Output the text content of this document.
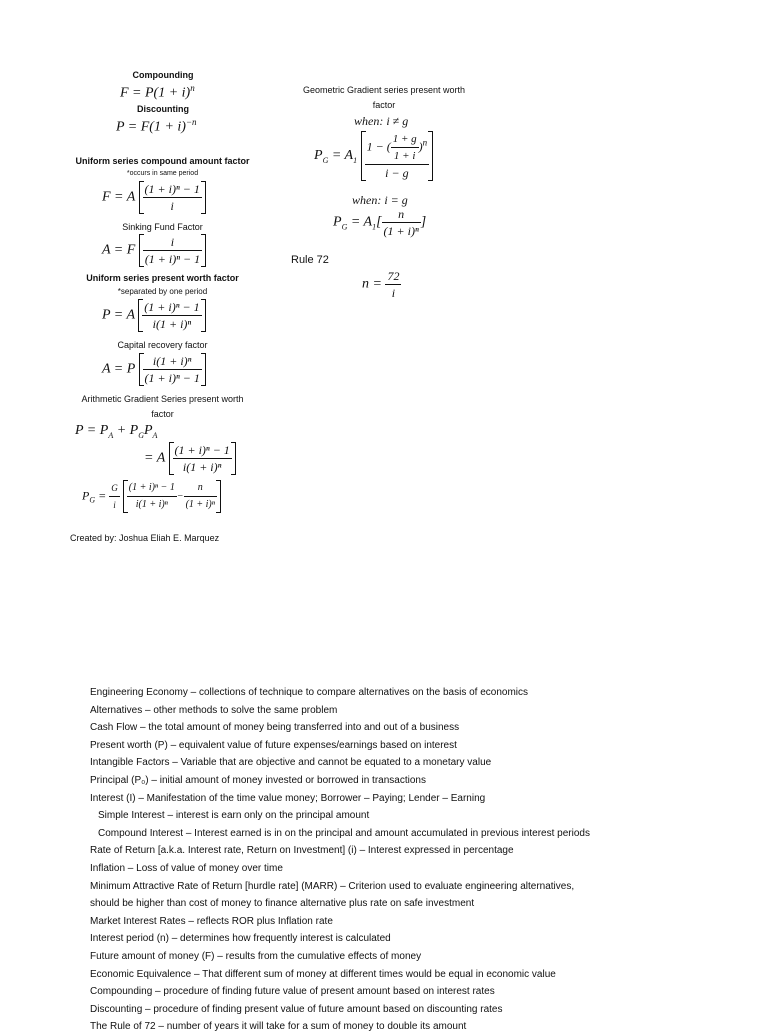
Compounding
$F = P(1 + i)^n$
Discounting
$P = F(1 + i)^{-n}$
Uniform series compound amount factor
*occurs in same period
F = A $\frac{\text{(1 + i)ⁿ − 1}}{i}$
Sinking Fund Factor
A = F $\frac{i}{\text{(1 + i)ⁿ − 1}}$
Uniform series present worth factor
*separated by one period
P = A $\frac{\text{(1 + i)ⁿ − 1}}{\text{i(1 + i)ⁿ}}$
Capital recovery factor
A = P $\frac{\text{i(1 + i)ⁿ}}{\text{(1 + i)ⁿ − 1}}$
Arithmetic Gradient Series present worth
factor
$P = P_A + P_GP_A$
= A $\frac{\text{(1 + i)ⁿ − 1}}{\text{i(1 + i)ⁿ}}$
$P_G = \frac{G}{i}$
$\frac{\text{(1 + i)ⁿ − 1}}{\text{i(1 + i)ⁿ}} - \frac{n}{\text{(1 + i)ⁿ}}$
Created by: Joshua Eliah E. Marquez
Geometric Gradient series present worth
factor
when: i ≠ g
$P_G = A_1 \frac{1 - ( \frac{1 + g}{1 + i} )^n}{i - g}$
when: i = g
$P_G = A_1[ \frac{n}{\text{(1 + i)ⁿ}}$ ]
Rule 72
$n = \frac{72}{i}$
Engineering Economy – collections of technique to compare alternatives on the basis of economics
Alternatives – other methods to solve the same problem
Cash Flow – the total amount of money being transferred into and out of a business
Present worth (P) – equivalent value of future expenses/earnings based on interest
Intangible Factors – Variable that are objective and cannot be equated to a monetary value
Principal (P₀) – initial amount of money invested or borrowed in transactions
Interest (I) – Manifestation of the time value money; Borrower – Paying; Lender – Earning
Simple Interest – interest is earn only on the principal amount
Compound Interest – Interest earned is in on the principal and amount accumulated in previous interest periods
Rate of Return [a.k.a. Interest rate, Return on Investment] (i) – Interest expressed in percentage
Inflation – Loss of value of money over time
Minimum Attractive Rate of Return [hurdle rate] (MARR) – Criterion used to evaluate engineering alternatives,
should be higher than cost of money to finance alternative plus rate on safe investment
Market Interest Rates – reflects ROR plus Inflation rate
Interest period (n) – determines how frequently interest is calculated
Future amount of money (F) – results from the cumulative effects of money
Economic Equivalence – That different sum of money at different times would be equal in economic value
Compounding – procedure of finding future value of present amount based on interest rates
Discounting – procedure of finding present value of future amount based on discounting rates
The Rule of 72 – number of years it will take for a sum of money to double its amount
